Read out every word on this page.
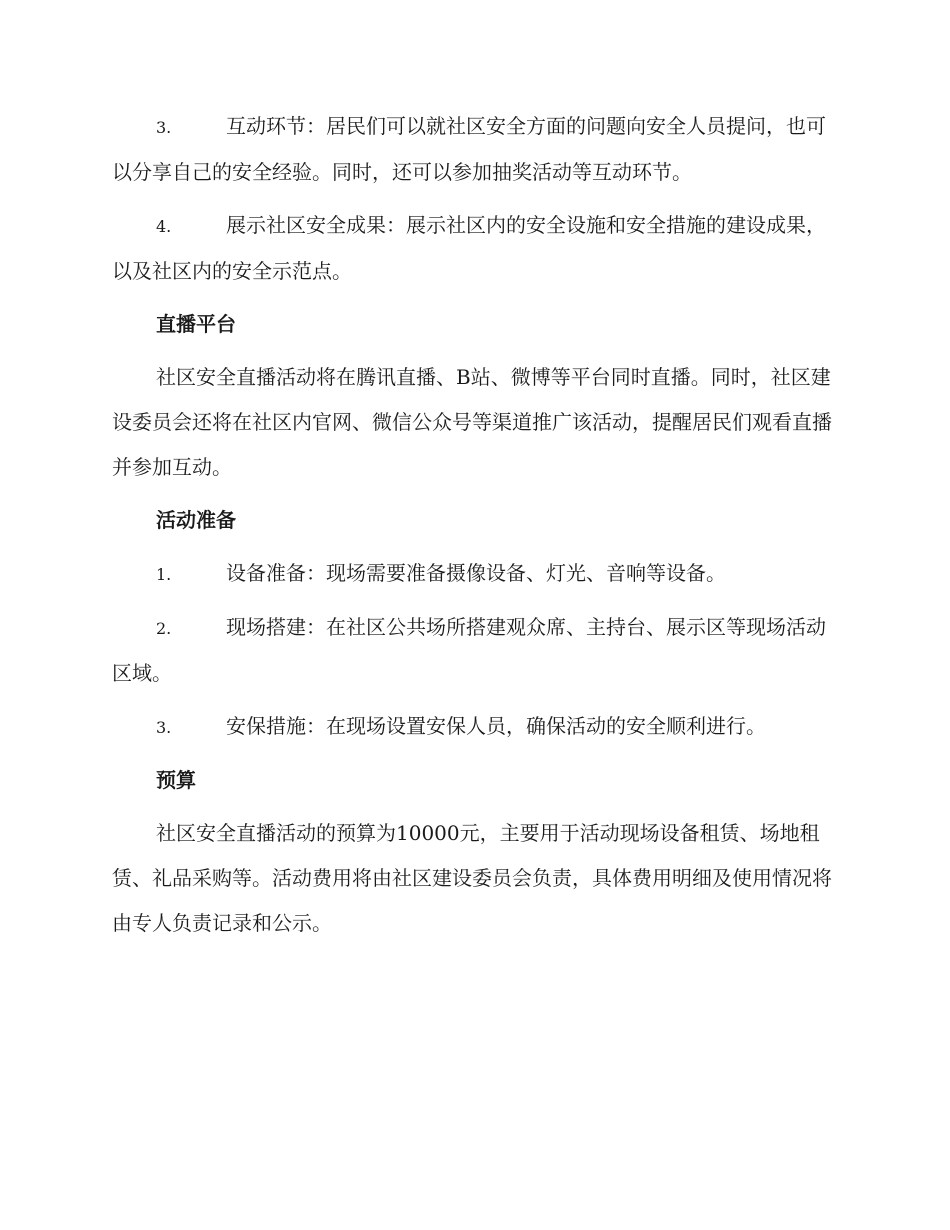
3.	互动环节：居民们可以就社区安全方面的问题向安全人员提问，也可以分享自己的安全经验。同时，还可以参加抽奖活动等互动环节。

4.	展示社区安全成果：展示社区内的安全设施和安全措施的建设成果，以及社区内的安全示范点。

直播平台

社区安全直播活动将在腾讯直播、B站、微博等平台同时直播。同时，社区建设委员会还将在社区内官网、微信公众号等渠道推广该活动，提醒居民们观看直播并参加互动。

活动准备

1.	设备准备：现场需要准备摄像设备、灯光、音响等设备。

2.	现场搭建：在社区公共场所搭建观众席、主持台、展示区等现场活动区域。

3.	安保措施：在现场设置安保人员，确保活动的安全顺利进行。

预算

社区安全直播活动的预算为10000元，主要用于活动现场设备租赁、场地租赁、礼品采购等。活动费用将由社区建设委员会负责，具体费用明细及使用情况将由专人负责记录和公示。
